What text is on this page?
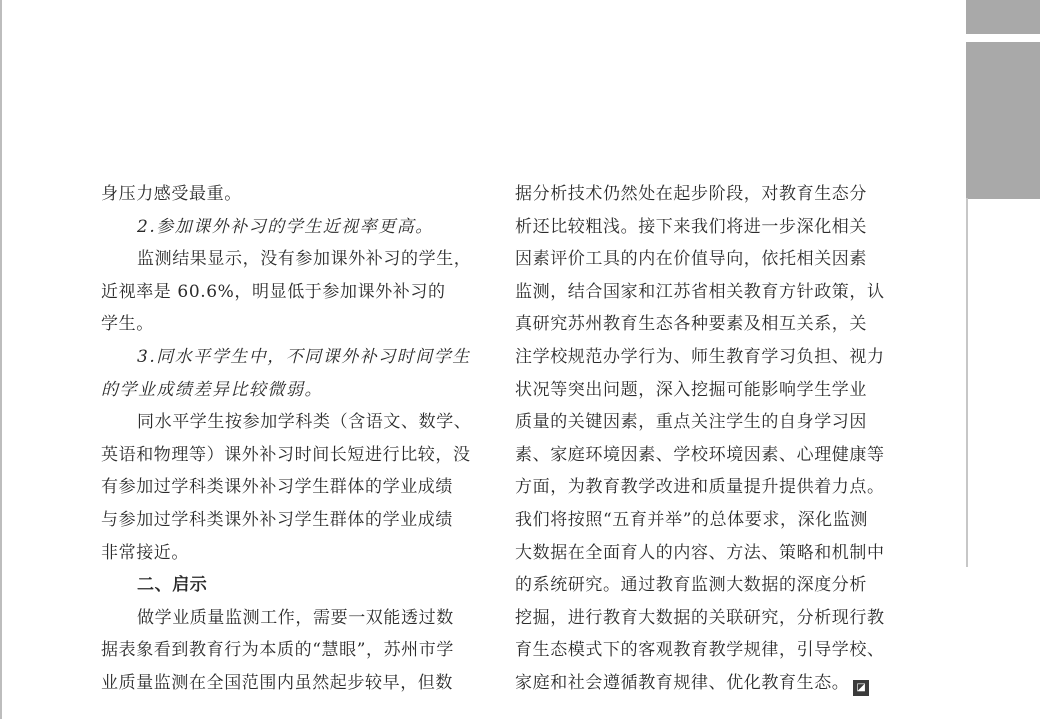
身压力感受最重。
2.参加课外补习的学生近视率更高。
监测结果显示，没有参加课外补习的学生，
近视率是 60.6%，明显低于参加课外补习的
学生。
3.同水平学生中，不同课外补习时间学生
的学业成绩差异比较微弱。
同水平学生按参加学科类（含语文、数学、
英语和物理等）课外补习时间长短进行比较，没
有参加过学科类课外补习学生群体的学业成绩
与参加过学科类课外补习学生群体的学业成绩
非常接近。
二、启示
做学业质量监测工作，需要一双能透过数
据表象看到教育行为本质的“慧眼”，苏州市学
业质量监测在全国范围内虽然起步较早，但数
据分析技术仍然处在起步阶段，对教育生态分
析还比较粗浅。接下来我们将进一步深化相关
因素评价工具的内在价值导向，依托相关因素
监测，结合国家和江苏省相关教育方针政策，认
真研究苏州教育生态各种要素及相互关系，关
注学校规范办学行为、师生教育学习负担、视力
状况等突出问题，深入挖掘可能影响学生学业
质量的关键因素，重点关注学生的自身学习因
素、家庭环境因素、学校环境因素、心理健康等
方面，为教育教学改进和质量提升提供着力点。
我们将按照“五育并举”的总体要求，深化监测
大数据在全面育人的内容、方法、策略和机制中
的系统研究。通过教育监测大数据的深度分析
挖掘，进行教育大数据的关联研究，分析现行教
育生态模式下的客观教育教学规律，引导学校、
家庭和社会遵循教育规律、优化教育生态。 ◪
